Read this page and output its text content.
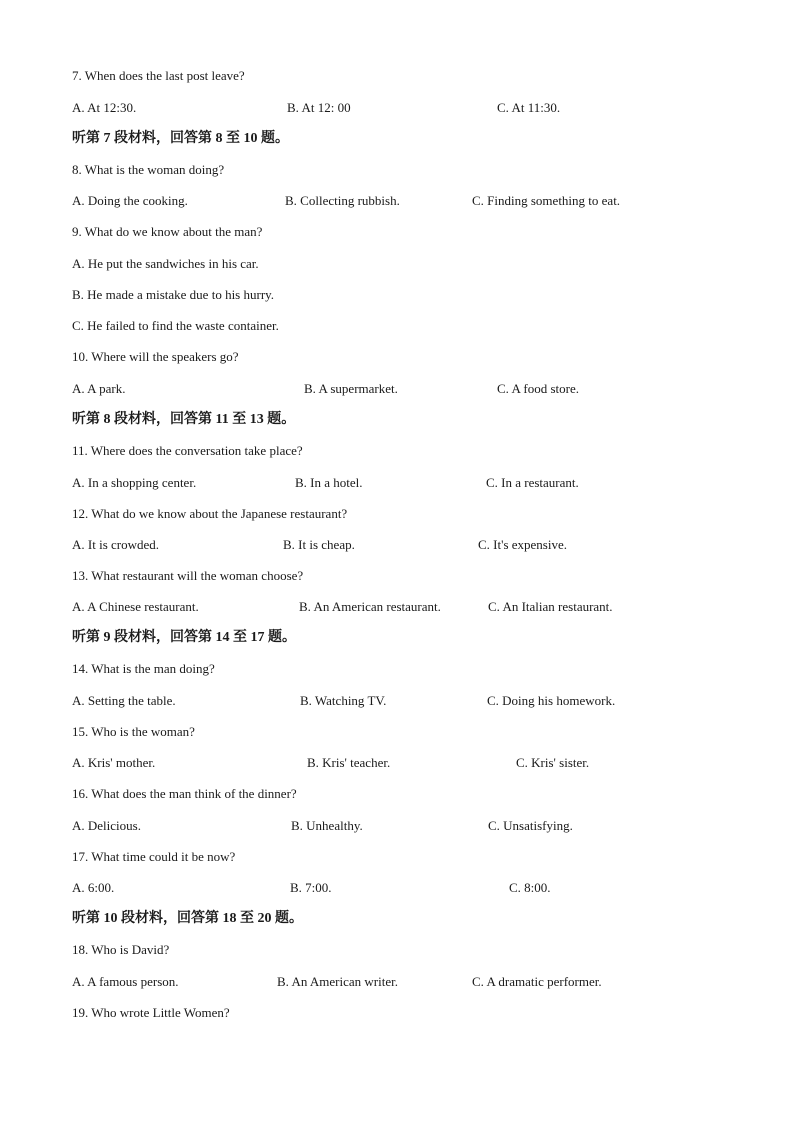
7. When does the last post leave?
A. At 12:30.	B. At 12: 00	C. At 11:30.
听第 7 段材料，回答第 8 至 10 题。
8. What is the woman doing?
A. Doing the cooking.	B. Collecting rubbish.	C. Finding something to eat.
9. What do we know about the man?
A. He put the sandwiches in his car.
B. He made a mistake due to his hurry.
C. He failed to find the waste container.
10. Where will the speakers go?
A. A park.	B. A supermarket.	C. A food store.
听第 8 段材料，回答第 11 至 13 题。
11. Where does the conversation take place?
A. In a shopping center.	B. In a hotel.	C. In a restaurant.
12. What do we know about the Japanese restaurant?
A. It is crowded.	B. It is cheap.	C. It's expensive.
13. What restaurant will the woman choose?
A. A Chinese restaurant.	B. An American restaurant.	C. An Italian restaurant.
听第 9 段材料，回答第 14 至 17 题。
14. What is the man doing?
A. Setting the table.	B. Watching TV.	C. Doing his homework.
15. Who is the woman?
A. Kris' mother.	B. Kris' teacher.	C. Kris' sister.
16. What does the man think of the dinner?
A. Delicious.	B. Unhealthy.	C. Unsatisfying.
17. What time could it be now?
A. 6:00.	B. 7:00.	C. 8:00.
听第 10 段材料，回答第 18 至 20 题。
18. Who is David?
A. A famous person.	B. An American writer.	C. A dramatic performer.
19. Who wrote Little Women?
